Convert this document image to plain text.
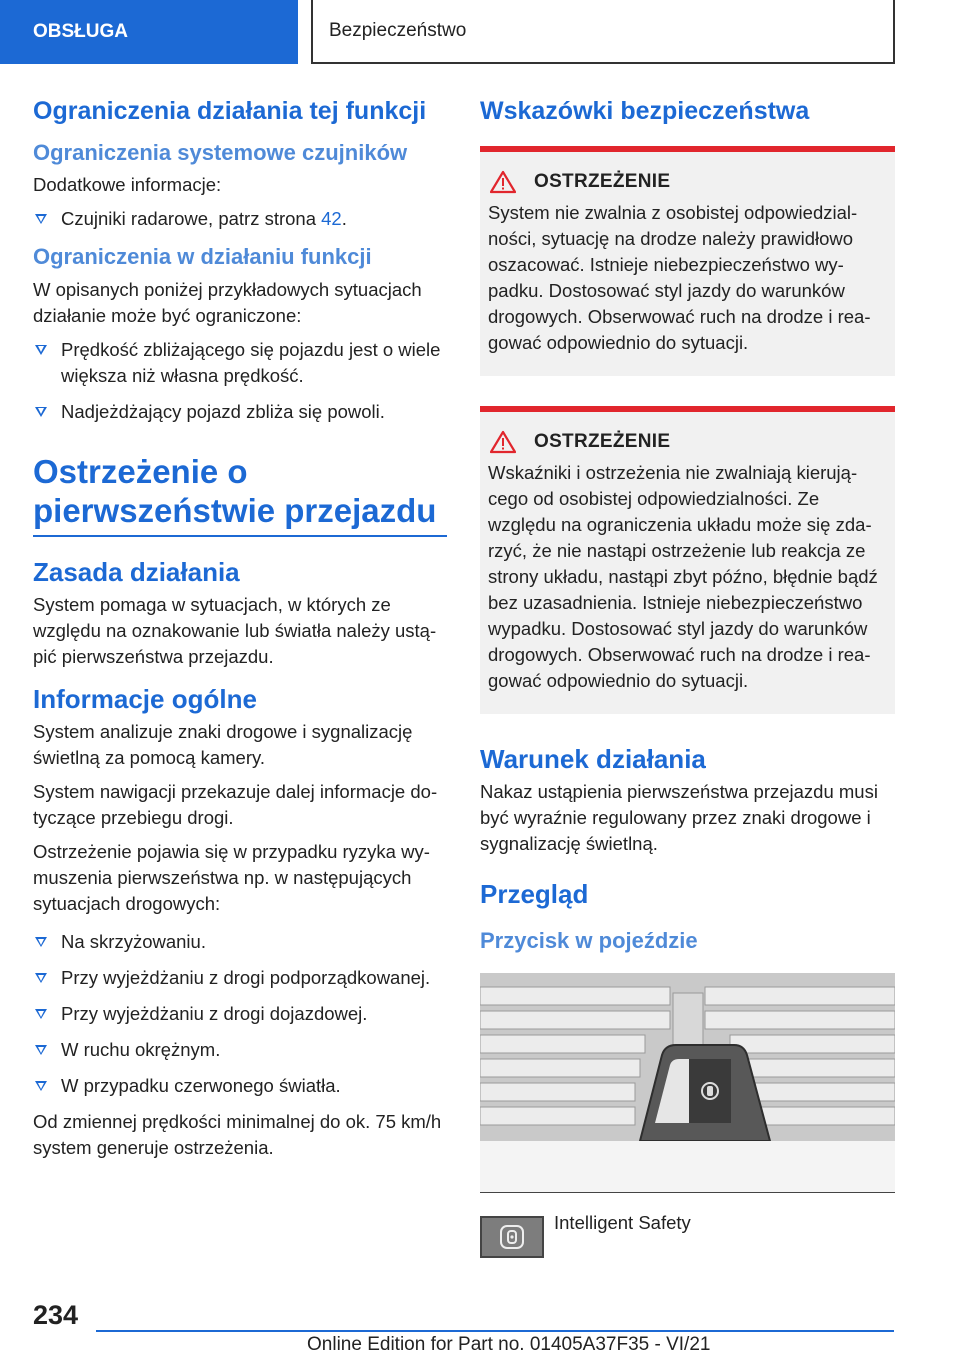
OBSŁUGA	Bezpieczeństwo
Ograniczenia działania tej funkcji
Ograniczenia systemowe czujników

Dodatkowe informacje:

Czujniki radarowe, patrz strona 42.
Ograniczenia w działaniu funkcji

W opisanych poniżej przykładowych sytuacjach działanie może być ograniczone:

Prędkość zbliżającego się pojazdu jest o wiele większa niż własna prędkość.
Nadjeżdżający pojazd zbliża się powoli.
Ostrzeżenie o pierwszeństwie przejazdu
Zasada działania

System pomaga w sytuacjach, w których ze względu na oznakowanie lub światła należy ustąpić pierwszeństwa przejazdu.

Informacje ogólne

System analizuje znaki drogowe i sygnalizację świetlną za pomocą kamery.

System nawigacji przekazuje dalej informacje dotyczące przebiegu drogi.

Ostrzeżenie pojawia się w przypadku ryzyka wymuszenia pierwszeństwa np. w następujących sytuacjach drogowych:

Na skrzyżowaniu.
Przy wyjeżdżaniu z drogi podporządkowanej.
Przy wyjeżdżaniu z drogi dojazdowej.
W ruchu okrężnym.
W przypadku czerwonego światła.

Od zmiennej prędkości minimalnej do ok. 75 km/h system generuje ostrzeżenia.

Wskazówki bezpieczeństwa
OSTRZEŻENIE

System nie zwalnia z osobistej odpowiedzialności, sytuację na drodze należy prawidłowo oszacować. Istnieje niebezpieczeństwo wypadku. Dostosować styl jazdy do warunków drogowych. Obserwować ruch na drodze i reagować odpowiednio do sytuacji.

OSTRZEŻENIE

Wskaźniki i ostrzeżenia nie zwalniają kierującego od osobistej odpowiedzialności. Ze względu na ograniczenia układu może się zdarzyć, że nie nastąpi ostrzeżenie lub reakcja ze strony układu, nastąpi zbyt późno, błędnie bądź bez uzasadnienia. Istnieje niebezpieczeństwo wypadku. Dostosować styl jazdy do warunków drogowych. Obserwować ruch na drodze i reagować odpowiednio do sytuacji.

Warunek działania

Nakaz ustąpienia pierwszeństwa przejazdu musi być wyraźnie regulowany przez znaki drogowe i sygnalizację świetlną.

Przegląd
Przycisk w pojeździe
Intelligent Safety
234
Online Edition for Part no. 01405A37F35 - VI/21
